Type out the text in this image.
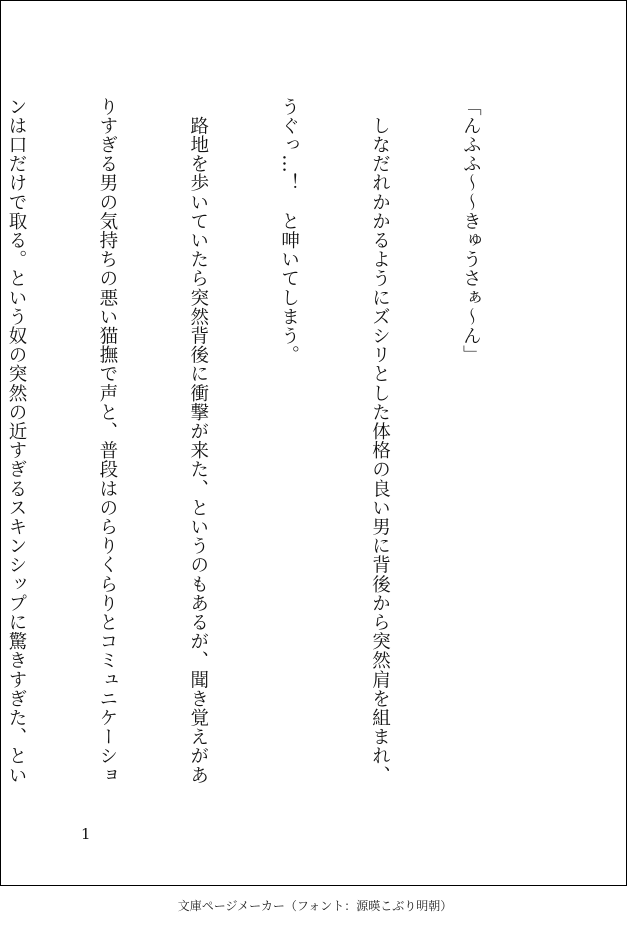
「んふふ～～きゅうさぁ～ん」

　しなだれかかるようにズシリとした体格の良い男に背後から突然肩を組まれ、

うぐっ…！　と呻いてしまう。

　路地を歩いていたら突然背後に衝撃が来た、というのもあるが、聞き覚えがあ

りすぎる男の気持ちの悪い猫撫で声と、普段はのらりくらりとコミュニケーショ

ンは口だけで取る。という奴の突然の近すぎるスキンシップに驚きすぎた、とい

1
文庫ページメーカー（フォント：源暎こぶり明朝）
